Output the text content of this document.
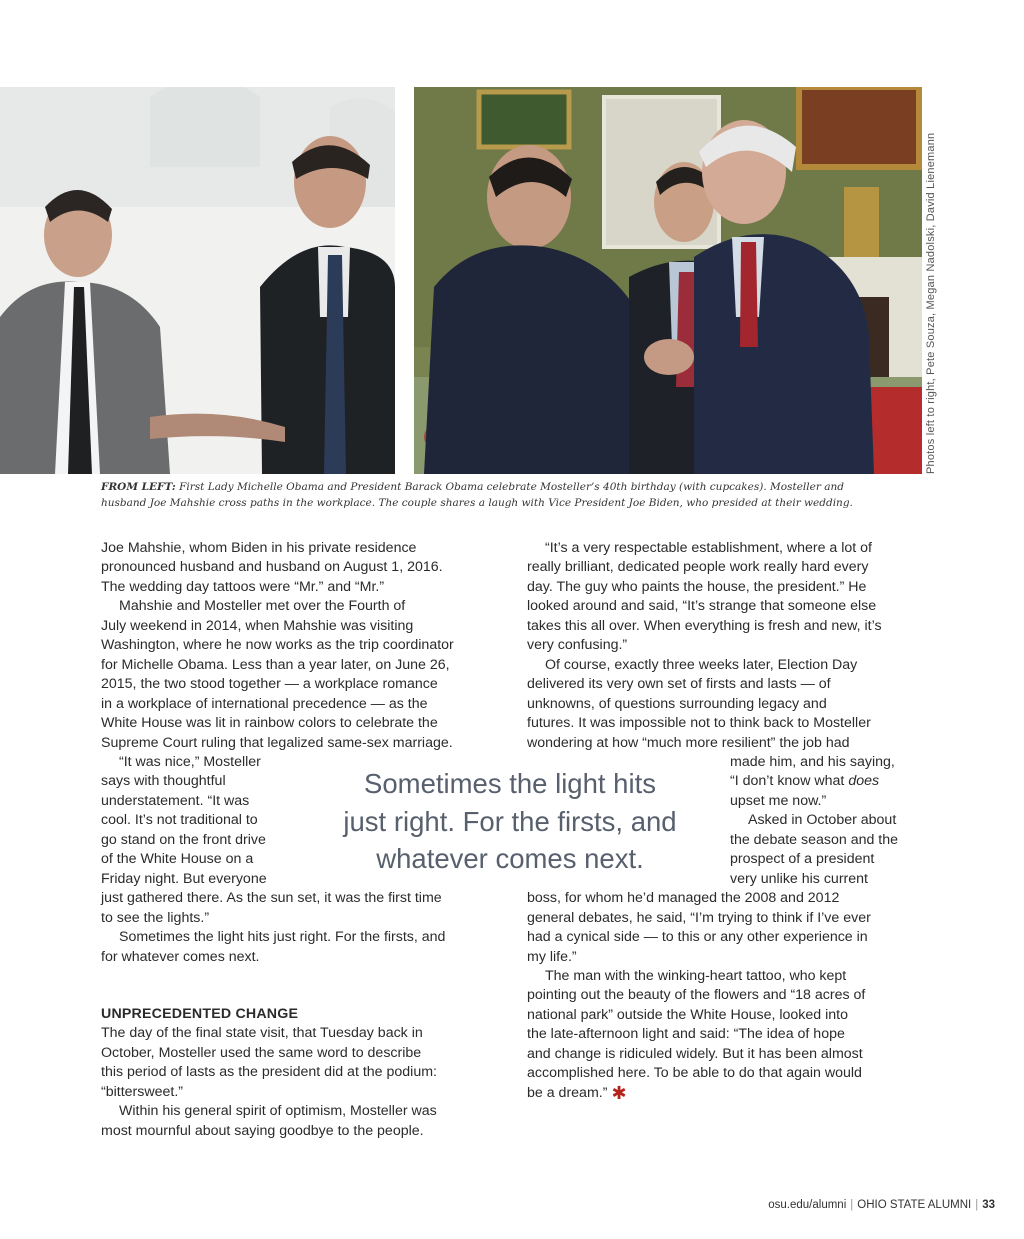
Photos left to right, Pete Souza, Megan Nadolski, David Lienemann

FROM LEFT: First Lady Michelle Obama and President Barack Obama celebrate Mosteller’s 40th birthday (with cupcakes). Mosteller and

husband Joe Mahshie cross paths in the workplace. The couple shares a laugh with Vice President Joe Biden, who presided at their wedding.

Joe Mahshie, whom Biden in his private residence

pronounced husband and husband on August 1, 2016.

The wedding day tattoos were “Mr.” and “Mr.”

Mahshie and Mosteller met over the Fourth of

July weekend in 2014, when Mahshie was visiting

Washington, where he now works as the trip coordinator

for Michelle Obama. Less than a year later, on June 26,

2015, the two stood together — a workplace romance

in a workplace of international precedence — as the

White House was lit in rainbow colors to celebrate the

Supreme Court ruling that legalized same-sex marriage.

“It was nice,” Mosteller

says with thoughtful

understatement. “It was

cool. It’s not traditional to

go stand on the front drive

of the White House on a

Friday night. But everyone

just gathered there. As the sun set, it was the first time

to see the lights.”

Sometimes the light hits just right. For the firsts, and

for whatever comes next.

UNPRECEDENTED CHANGE

The day of the final state visit, that Tuesday back in

October, Mosteller used the same word to describe

this period of lasts as the president did at the podium:

“bittersweet.”

Within his general spirit of optimism, Mosteller was

most mournful about saying goodbye to the people.

“It’s a very respectable establishment, where a lot of

really brilliant, dedicated people work really hard every

day. The guy who paints the house, the president.” He

looked around and said, “It’s strange that someone else

takes this all over. When everything is fresh and new, it’s

very confusing.”

Of course, exactly three weeks later, Election Day

delivered its very own set of firsts and lasts — of

unknowns, of questions surrounding legacy and

futures. It was impossible not to think back to Mosteller

wondering at how “much more resilient” the job had

made him, and his saying,

“I don’t know what does

upset me now.”

Asked in October about

the debate season and the

prospect of a president

very unlike his current

boss, for whom he’d managed the 2008 and 2012

general debates, he said, “I’m trying to think if I’ve ever

had a cynical side — to this or any other experience in

my life.”

The man with the winking-heart tattoo, who kept

pointing out the beauty of the flowers and “18 acres of

national park” outside the White House, looked into

the late-afternoon light and said: “The idea of hope

and change is ridiculed widely. But it has been almost

accomplished here. To be able to do that again would

be a dream.” ✱

Sometimes the light hits

just right. For the firsts, and

whatever comes next.

osu.edu/alumni | OHIO STATE ALUMNI | 33
